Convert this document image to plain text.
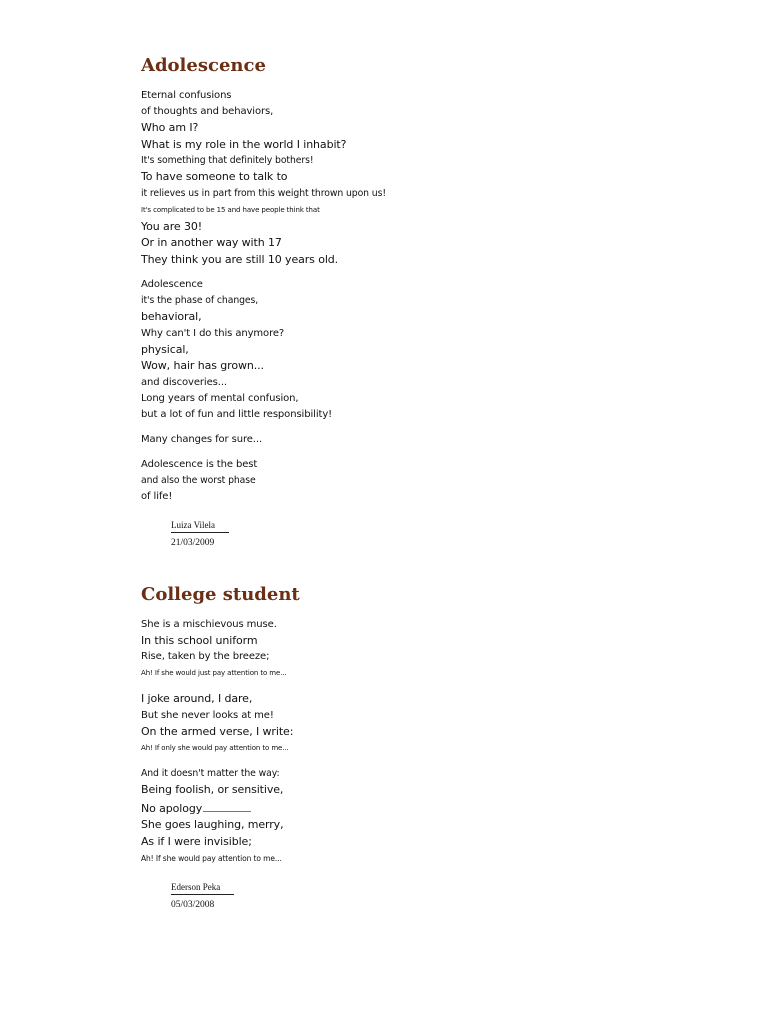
Adolescence
Eternal confusions
of thoughts and behaviors,
Who am I?
What is my role in the world I inhabit?
It's something that definitely bothers!
To have someone to talk to
it relieves us in part from this weight thrown upon us!
It's complicated to be 15 and have people think that
You are 30!
Or in another way with 17
They think you are still 10 years old.
Adolescence
it's the phase of changes,
behavioral,
Why can't I do this anymore?
physical,
Wow, hair has grown...
and discoveries...
Long years of mental confusion,
but a lot of fun and little responsibility!
Many changes for sure...
Adolescence is the best
and also the worst phase
of life!
Luiza Vilela
21/03/2009
College student
She is a mischievous muse.
In this school uniform
Rise, taken by the breeze;
Ah! If she would just pay attention to me...
I joke around, I dare,
But she never looks at me!
On the armed verse, I write:
Ah! If only she would pay attention to me...
And it doesn't matter the way:
Being foolish, or sensitive,
No apology
She goes laughing, merry,
As if I were invisible;
Ah! If she would pay attention to me...
Ederson Peka
05/03/2008
